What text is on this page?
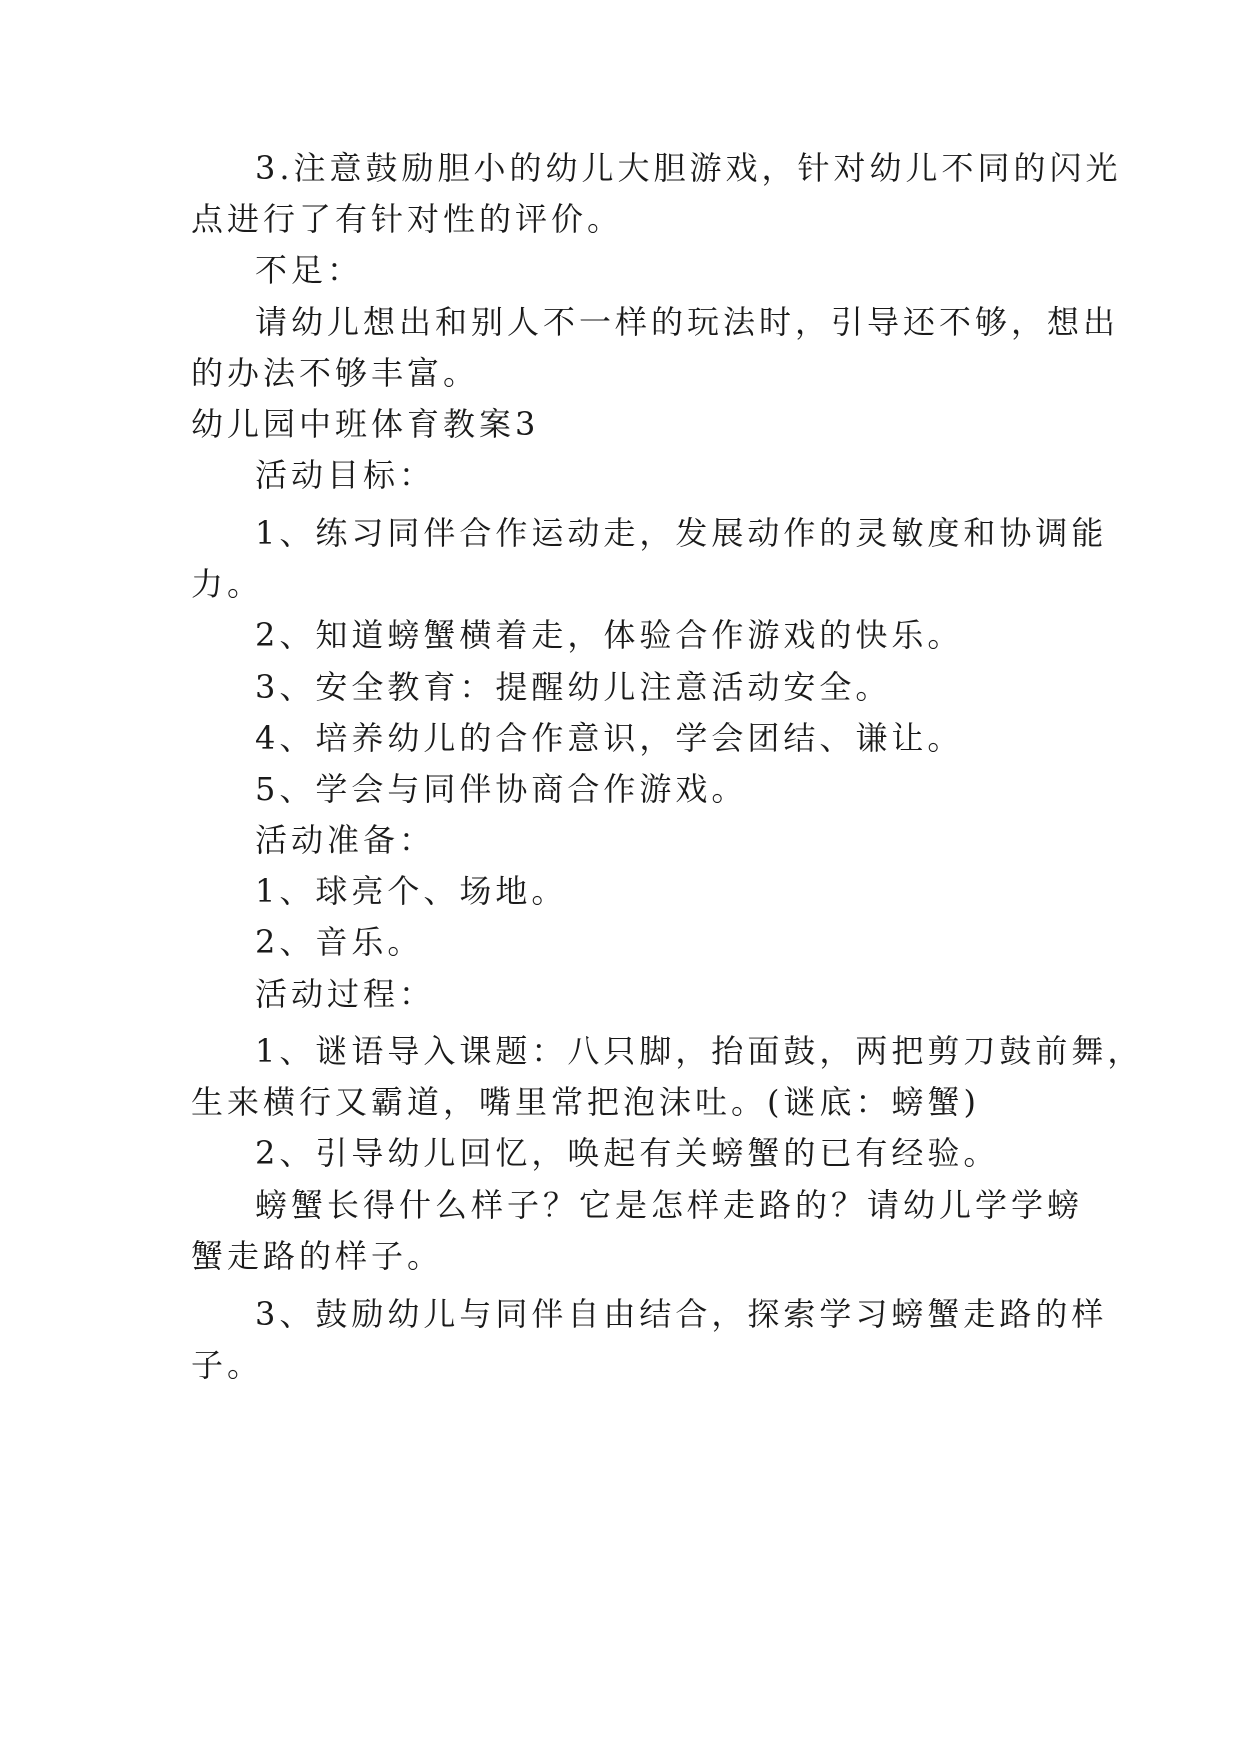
3.注意鼓励胆小的幼儿大胆游戏，针对幼儿不同的闪光
点进行了有针对性的评价。
不足：
请幼儿想出和别人不一样的玩法时，引导还不够，想出
的办法不够丰富。
幼儿园中班体育教案3
活动目标：
1、练习同伴合作运动走，发展动作的灵敏度和协调能
力。
2、知道螃蟹横着走，体验合作游戏的快乐。
3、安全教育：提醒幼儿注意活动安全。
4、培养幼儿的合作意识，学会团结、谦让。
5、学会与同伴协商合作游戏。
活动准备：
1、球亮个、场地。
2、音乐。
活动过程：
1、谜语导入课题：八只脚，抬面鼓，两把剪刀鼓前舞，
生来横行又霸道，嘴里常把泡沫吐。(谜底：螃蟹)
2、引导幼儿回忆，唤起有关螃蟹的已有经验。
螃蟹长得什么样子？它是怎样走路的？请幼儿学学螃
蟹走路的样子。
3、鼓励幼儿与同伴自由结合，探索学习螃蟹走路的样
子。
